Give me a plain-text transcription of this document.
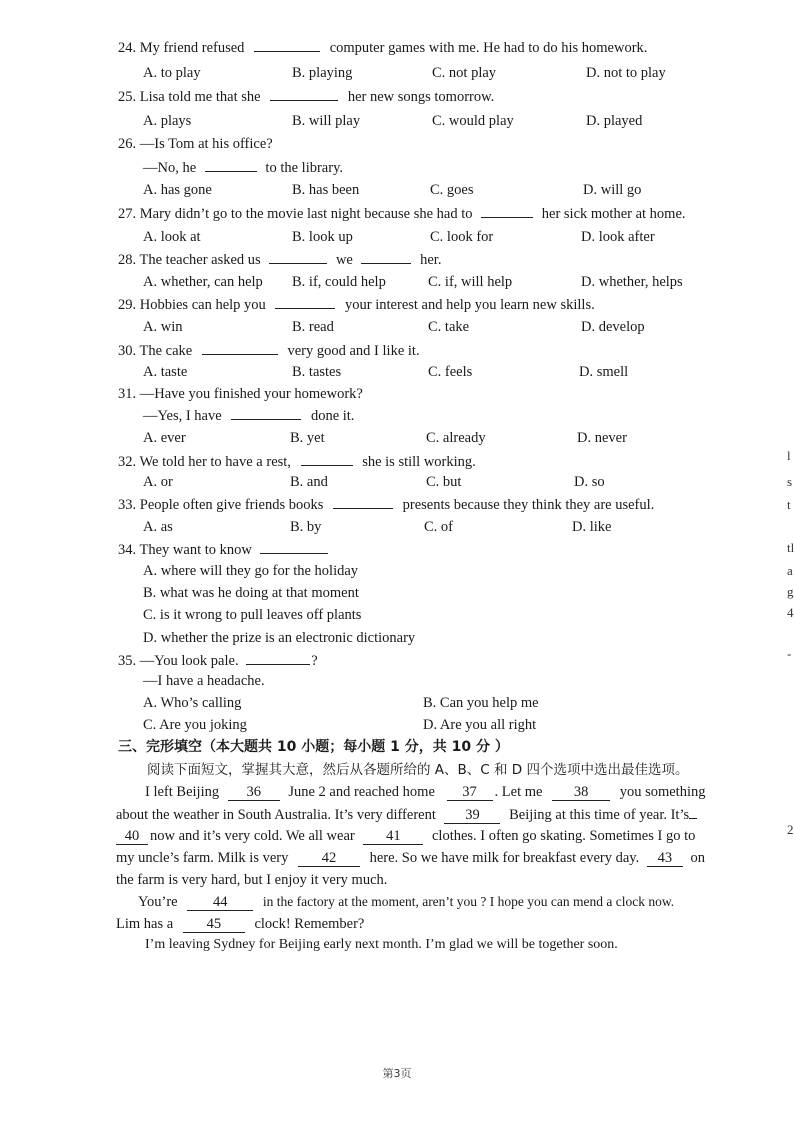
24. My friend refused	computer games with me. He had to do his homework.
A. to play	B. playing	C. not play	D. not to play
25. Lisa told me that she	her new songs tomorrow.
A. plays	B. will play	C. would play	D. played
26. —Is Tom at his office?
—No, he	to the library.
A. has gone	B. has been	C. goes	D. will go
27. Mary didn’t go to the movie last night because she had to	her sick mother at home.
A. look at	B. look up	C. look for	D. look after
28. The teacher asked us	we	her.
A. whether, can help B. if, could help	C. if, will help	D. whether, helps
29. Hobbies can help you	your interest and help you learn new skills.
A. win	B. read	C. take	D. develop
30. The cake	very good and I like it.
A. taste	B. tastes	C. feels	D. smell
31. —Have you finished your homework?
—Yes, I have	done it.
A. ever	B. yet	C. already	D. never
32. We told her to have a rest,	she is still working.
A. or	B. and	C. but	D. so
33. People often give friends books	presents because they think they are useful.
A. as	B. by	C. of	D. like
34. They want to know
A. where will they go for the holiday
B. what was he doing at that moment
C. is it wrong to pull leaves off plants
D. whether the prize is an electronic dictionary
35. —You look pale.	?
—I have a headache.
A. Who’s calling	B. Can you help me
C. Are you joking	D. Are you all right
三、完形填空（本大题共 10 小题；每小题 1 分，共 10 分 ）
阅读下面短文，掌握其大意，然后从各题所给的 A、B、C 和 D 四个选项中选出最佳选项。
I left Beijing 36 June 2 and reached home 37 . Let me 38 you something
about the weather in South Australia. It’s very different 39 Beijing at this time of year. It’s
40 now and it’s very cold. We all wear 41 clothes. I often go skating. Sometimes I go to
my uncle’s farm. Milk is very 42 here. So we have milk for breakfast every day. 43 on
the farm is very hard, but I enjoy it very much.
You’re 44	in the factory at the moment, aren’t you ? I hope you can mend a clock now.
Lim has a 45 clock! Remember?
I’m leaving Sydney for Beijing early next month. I’m glad we will be together soon.
第3页
l
s
t
tl
a
g
4
-
2
